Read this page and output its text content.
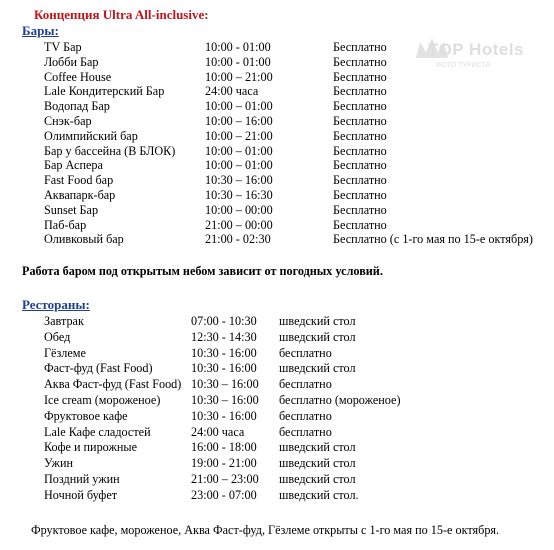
Концепция Ultra All-inclusive:
Бары:
TV Бар	10:00 - 01:00	Бесплатно
Лобби Бар	10:00 - 01:00	Бесплатно
Coffee House	10:00 – 21:00	Бесплатно
Lale Кондитерский Бар	24:00 часа	Бесплатно
Водопад Бар	10:00 – 01:00	Бесплатно
Снэк-бар	10:00 – 16:00	Бесплатно
Олимпийский бар	10:00 – 21:00	Бесплатно
Бар у бассейна (В БЛОК) 10:00 – 01:00	Бесплатно
Бар Аспера	10:00 – 01:00	Бесплатно
Fast Food бар	10:30 – 16:00	Бесплатно
Аквапарк-бар	10:30 – 16:30	Бесплатно
Sunset Бар	10:00 – 00:00	Бесплатно
Паб-бар	21:00 – 00:00	Бесплатно
Оливковый бар	21:00 - 02:30	Бесплатно (с 1-го мая по 15-е октября)
Работа баром под открытым небом зависит от погодных условий.
Рестораны:
Завтрак	07:00 - 10:30 шведский стол
Обед	12:30 - 14:30 шведский стол
Гёзлеме	10:30 - 16:00 бесплатно
Фаст-фуд (Fast Food)	10:30 - 16:00 шведский стол
Аква Фаст-фуд (Fast Food) 10:30 – 16:00 бесплатно
Ice cream (мороженое)	10:30 – 16:00 бесплатно (мороженое)
Фруктовое кафе	10:30 - 16:00 бесплатно
Lale Кафе сладостей	24:00 часа	бесплатно
Кофе и пирожные	16:00 - 18:00 шведский стол
Ужин	19:00 - 21:00 шведский стол
Поздний ужин	21:00 – 23:00 шведский стол
Ночной буфет	23:00 - 07:00 шведский стол.
Фруктовое кафе, мороженое, Аква Фаст-фуд, Гёзлеме открыты с 1-го мая по 15-е октября.
TOP Hotels
ФОТО ТУРИСТА
